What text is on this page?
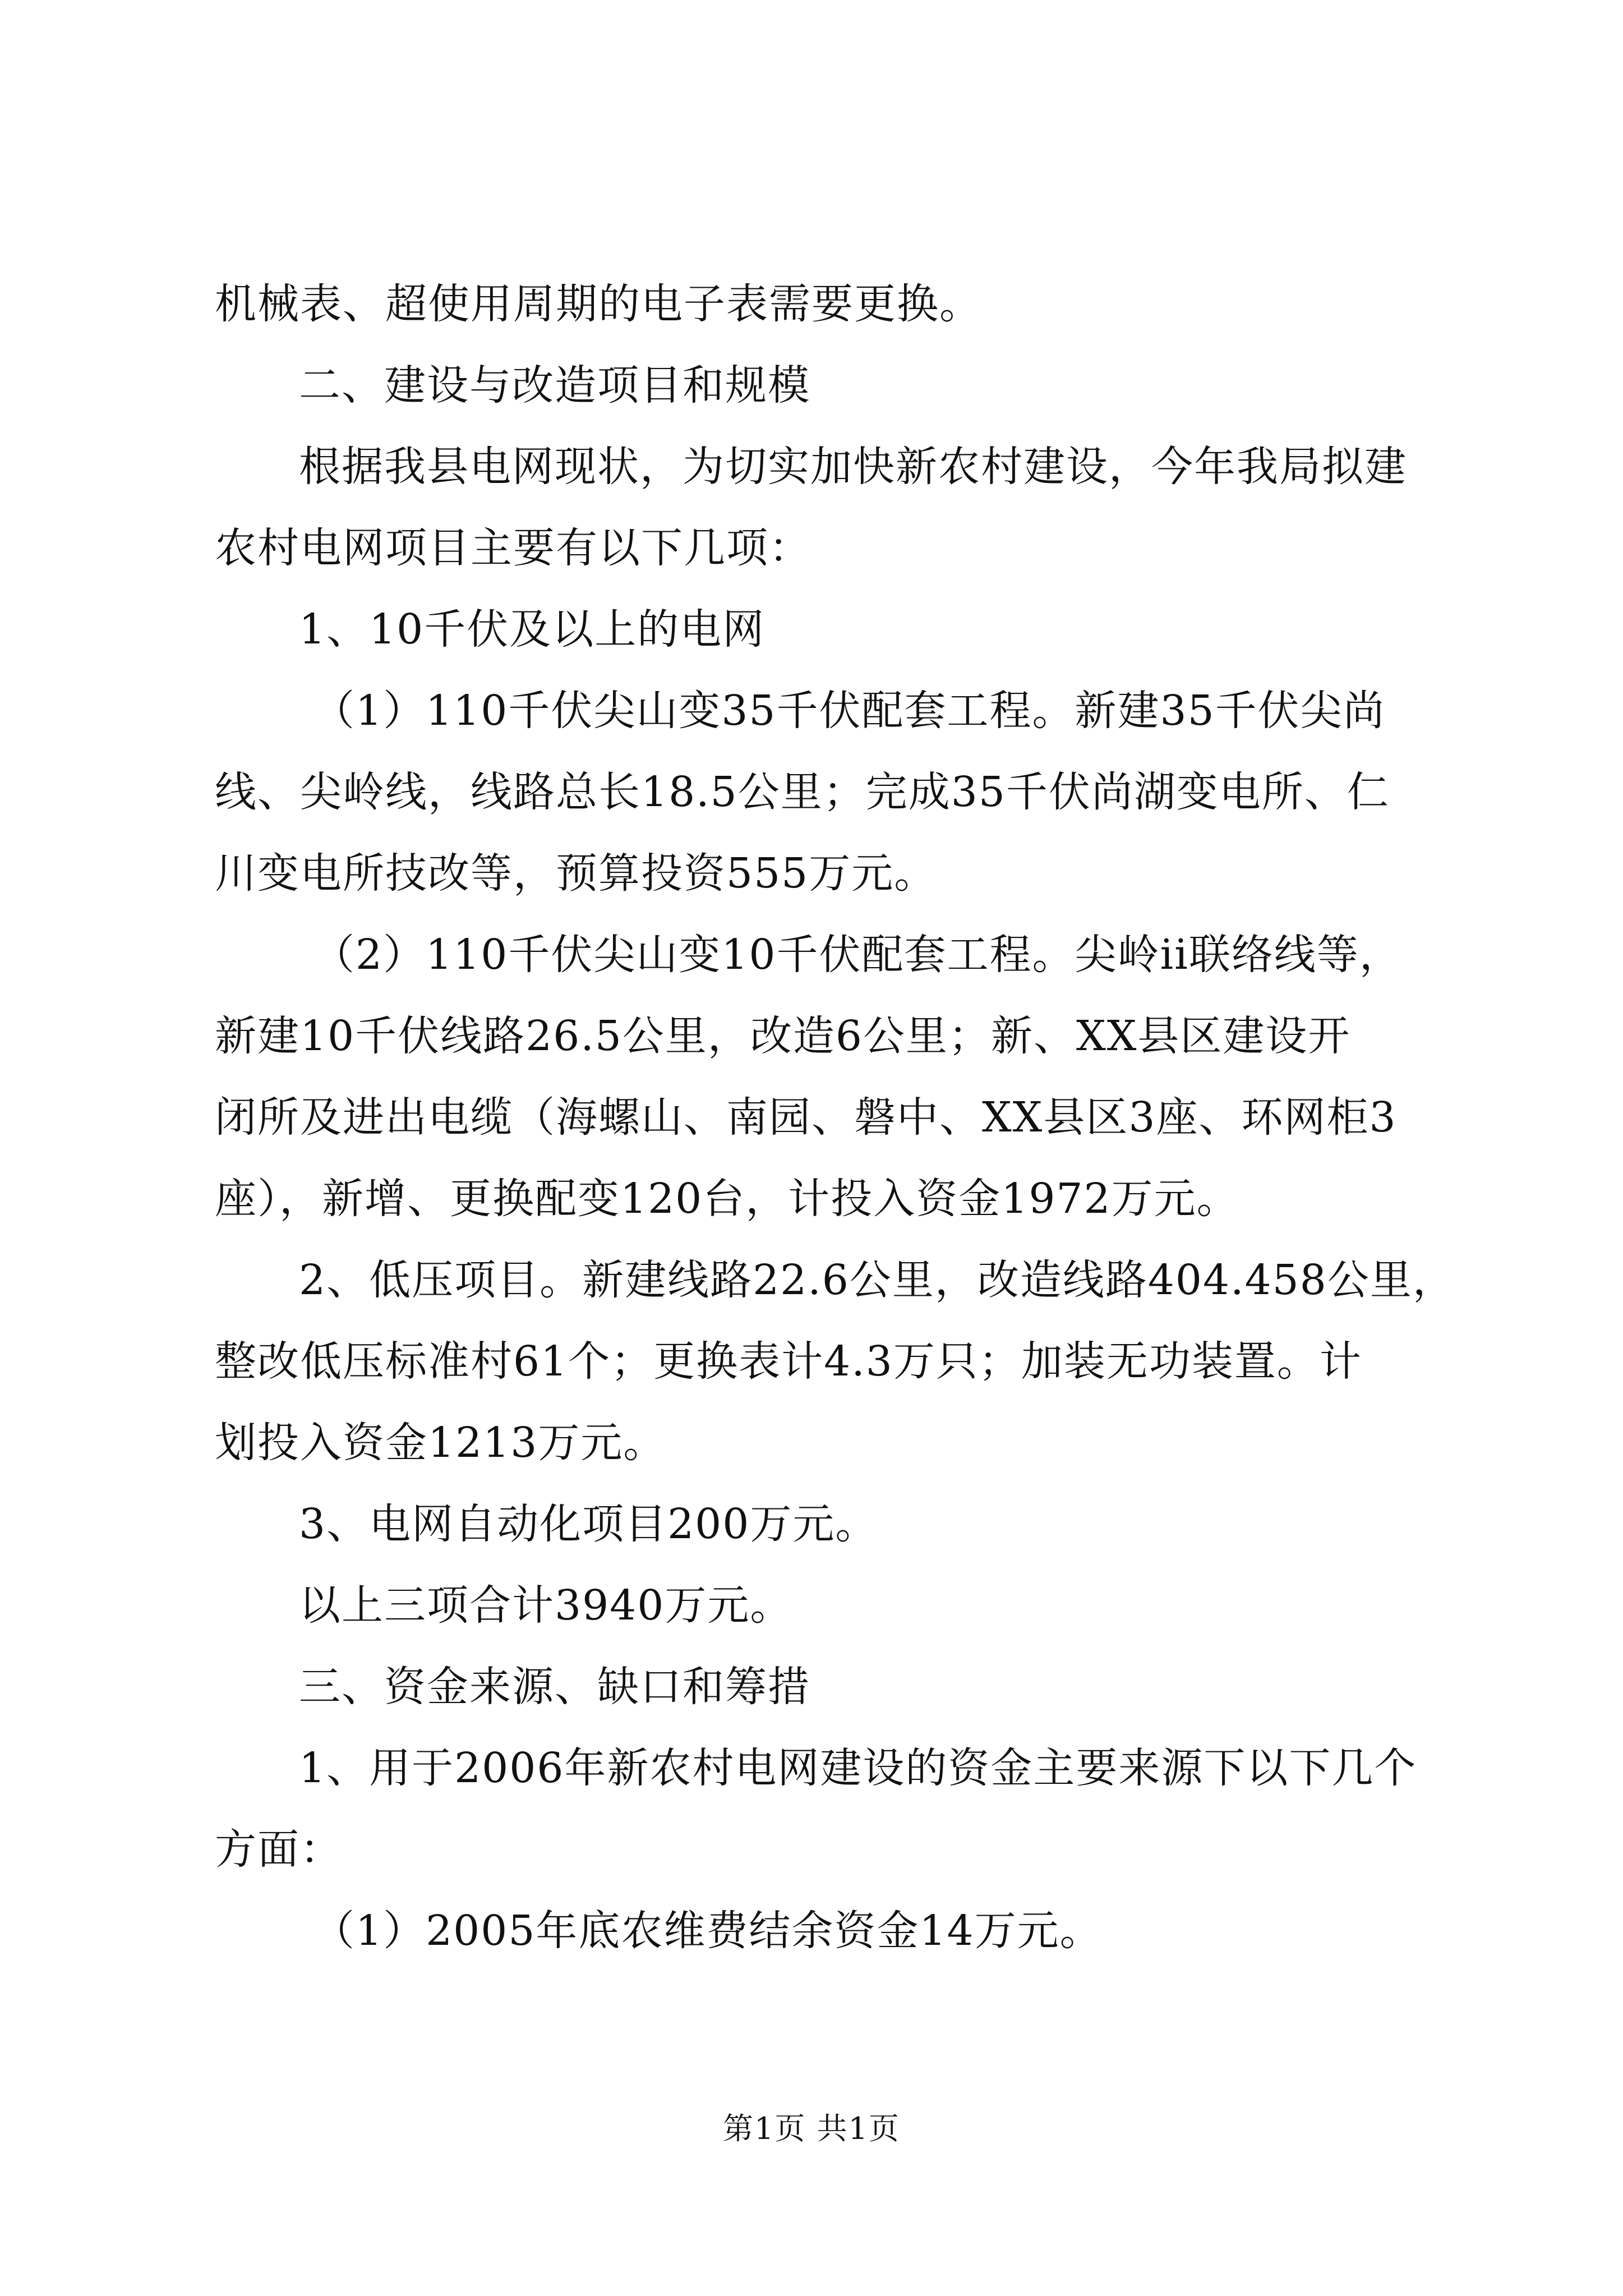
机械表、超使用周期的电子表需要更换。

二、建设与改造项目和规模

根据我县电网现状，为切实加快新农村建设，今年我局拟建

农村电网项目主要有以下几项：

1、10千伏及以上的电网

（1）110千伏尖山变35千伏配套工程。新建35千伏尖尚

线、尖岭线，线路总长18.5公里；完成35千伏尚湖变电所、仁

川变电所技改等，预算投资555万元。

（2）110千伏尖山变10千伏配套工程。尖岭ii联络线等，

新建10千伏线路26.5公里，改造6公里；新、XX县区建设开

闭所及进出电缆（海螺山、南园、磐中、XX县区3座、环网柜3

座），新增、更换配变120台，计投入资金1972万元。

2、低压项目。新建线路22.6公里，改造线路404.458公里，

整改低压标准村61个；更换表计4.3万只；加装无功装置。计

划投入资金1213万元。

3、电网自动化项目200万元。

以上三项合计3940万元。

三、资金来源、缺口和筹措

1、用于2006年新农村电网建设的资金主要来源下以下几个

方面：

（1）2005年底农维费结余资金14万元。

第1页 共1页
